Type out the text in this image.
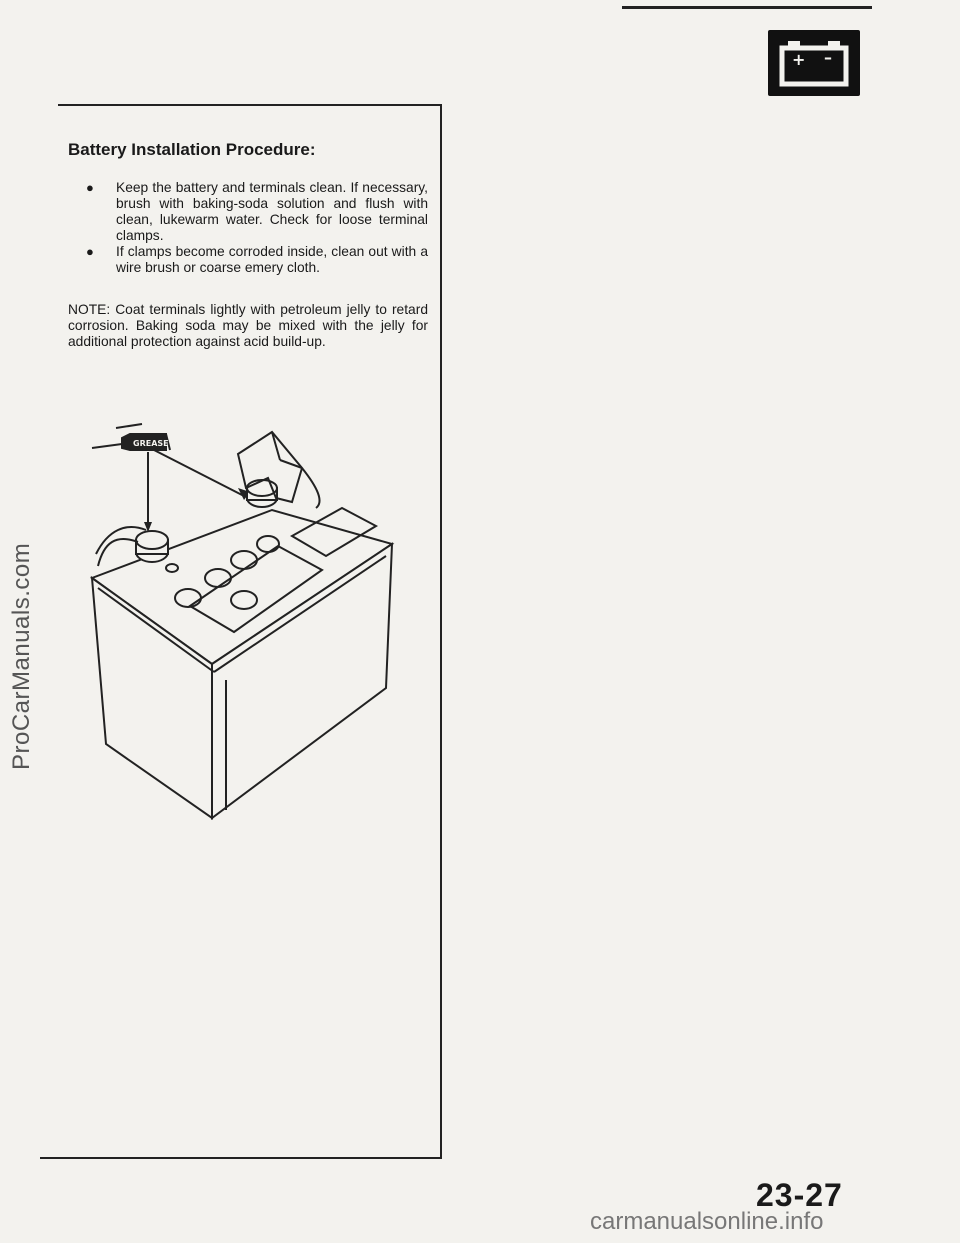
+ –
ProCarManuals.com
Battery Installation Procedure:
● Keep the battery and terminals clean. If necessary, brush with baking-soda solution and flush with clean, lukewarm water. Check for loose terminal clamps.
● If clamps become corroded inside, clean out with a wire brush or coarse emery cloth.
NOTE: Coat terminals lightly with petroleum jelly to retard corrosion. Baking soda may be mixed with the jelly for additional protection against acid build-up.
GREASE
23-27
carmanualsonline.info
